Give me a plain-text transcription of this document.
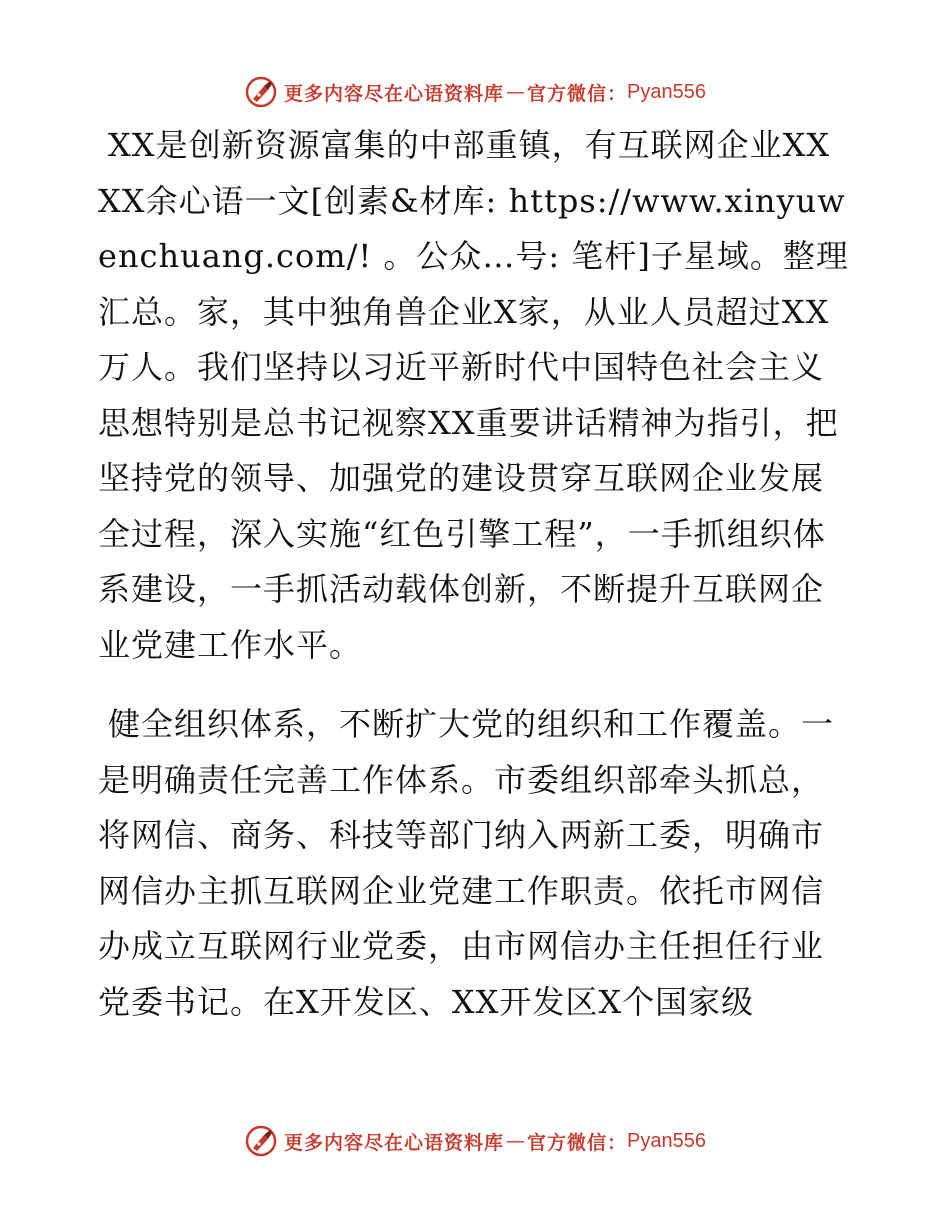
更多内容尽在心语资料库 — 官方微信： Pyan556

XX是创新资源富集的中部重镇，有互联网企业XXXX余心语一文[创素&材库: https://www.xinyuwenchuang.com/! 。公众…号: 笔杆]子星域。整理汇总。家，其中独角兽企业X家，从业人员超过XX万人。我们坚持以习近平新时代中国特色社会主义思想特别是总书记视察XX重要讲话精神为指引，把坚持党的领导、加强党的建设贯穿互联网企业发展全过程，深入实施“红色引擎工程”，一手抓组织体系建设，一手抓活动载体创新，不断提升互联网企业党建工作水平。

健全组织体系，不断扩大党的组织和工作覆盖。一是明确责任完善工作体系。市委组织部牵头抓总，将网信、商务、科技等部门纳入两新工委，明确市网信办主抓互联网企业党建工作职责。依托市网信办成立互联网行业党委，由市网信办主任担任行业党委书记。在X开发区、XX开发区X个国家级

更多内容尽在心语资料库 — 官方微信： Pyan556
